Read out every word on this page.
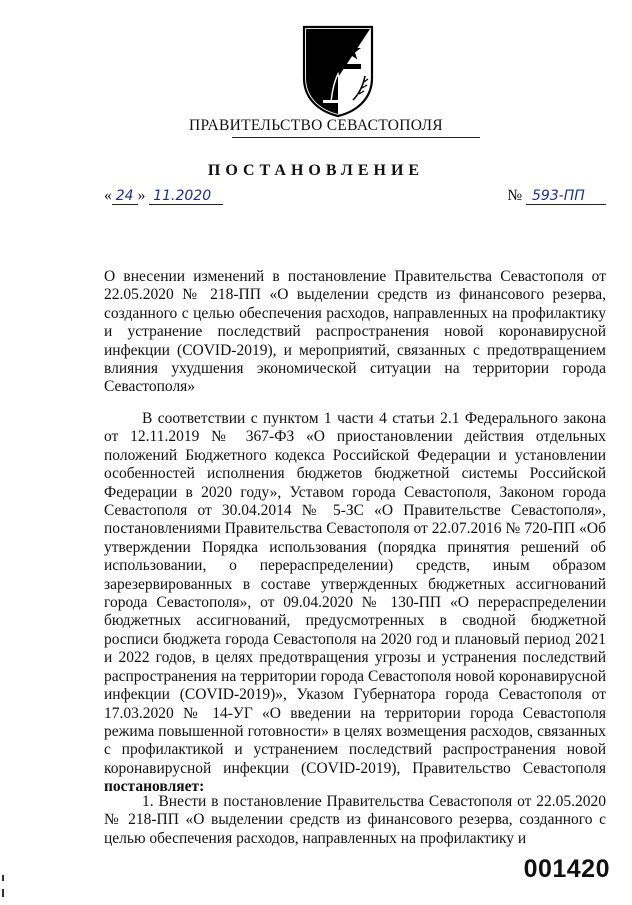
ПРАВИТЕЛЬСТВО СЕВАСТОПОЛЯ
ПОСТАНОВЛЕНИЕ
« 24 » 11.2020	№ 593-ПП

О внесении изменений в постановление Правительства Севастополя от 22.05.2020 № 218-ПП «О выделении средств из финансового резерва, созданного с целью обеспечения расходов, направленных на профилактику и устранение последствий распространения новой коронавирусной инфекции (COVID-2019), и мероприятий, связанных с предотвращением влияния ухудшения экономической ситуации на территории города Севастополя»

В соответствии с пунктом 1 части 4 статьи 2.1 Федерального закона от 12.11.2019 № 367-ФЗ «О приостановлении действия отдельных положений Бюджетного кодекса Российской Федерации и установлении особенностей исполнения бюджетов бюджетной системы Российской Федерации в 2020 году», Уставом города Севастополя, Законом города Севастополя от 30.04.2014 № 5-ЗС «О Правительстве Севастополя», постановлениями Правительства Севастополя от 22.07.2016 № 720-ПП «Об утверждении Порядка использования (порядка принятия решений об использовании, о перераспределении) средств, иным образом зарезервированных в составе утвержденных бюджетных ассигнований города Севастополя», от 09.04.2020 № 130-ПП «О перераспределении бюджетных ассигнований, предусмотренных в сводной бюджетной росписи бюджета города Севастополя на 2020 год и плановый период 2021 и 2022 годов, в целях предотвращения угрозы и устранения последствий распространения на территории города Севастополя новой коронавирусной инфекции (COVID-2019)», Указом Губернатора города Севастополя от 17.03.2020 № 14-УГ «О введении на территории города Севастополя режима повышенной готовности» в целях возмещения расходов, связанных с профилактикой и устранением последствий распространения новой коронавирусной инфекции (COVID-2019), Правительство Севастополя постановляет:

1. Внести в постановление Правительства Севастополя от 22.05.2020 № 218-ПП «О выделении средств из финансового резерва, созданного с целью обеспечения расходов, направленных на профилактику и

001420
